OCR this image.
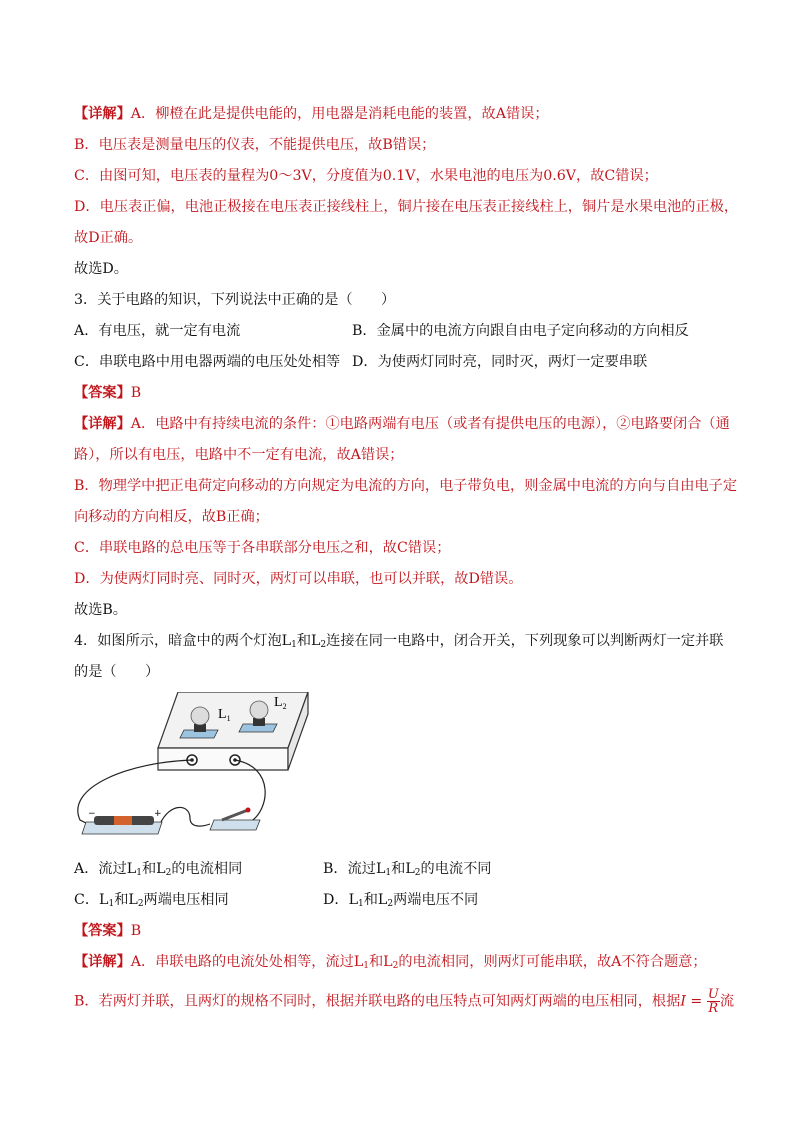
【详解】A．柳橙在此是提供电能的，用电器是消耗电能的装置，故A错误；
B．电压表是测量电压的仪表，不能提供电压，故B错误；
C．由图可知，电压表的量程为0～3V，分度值为0.1V，水果电池的电压为0.6V，故C错误；
D．电压表正偏，电池正极接在电压表正接线柱上，铜片接在电压表正接线柱上，铜片是水果电池的正极，
故D正确。
故选D。
3．关于电路的知识，下列说法中正确的是（　　）
A．有电压，就一定有电流	B．金属中的电流方向跟自由电子定向移动的方向相反
C．串联电路中用电器两端的电压处处相等 D．为使两灯同时亮，同时灭，两灯一定要串联
【答案】B
【详解】A．电路中有持续电流的条件：①电路两端有电压（或者有提供电压的电源），②电路要闭合（通
路），所以有电压，电路中不一定有电流，故A错误；
B．物理学中把正电荷定向移动的方向规定为电流的方向，电子带负电，则金属中电流的方向与自由电子定
向移动的方向相反，故B正确；
C．串联电路的总电压等于各串联部分电压之和，故C错误；
D．为使两灯同时亮、同时灭，两灯可以串联，也可以并联，故D错误。
故选B。
4．如图所示，暗盒中的两个灯泡$L_1$和$L_2$连接在同一电路中，闭合开关，下列现象可以判断两灯一定并联
的是（　　）
$L_1$
$L_2$
−	+
A．流过$L_1$和$L_2$的电流相同	B．流过$L_1$和$L_2$的电流不同
C．$L_1$和$L_2$两端电压相同	D．$L_1$和$L_2$两端电压不同
【答案】B
【详解】A．串联电路的电流处处相等，流过$L_1$和$L_2$的电流相同，则两灯可能串联，故A不符合题意；
B．若两灯并联，且两灯的规格不同时，根据并联电路的电压特点可知两灯两端的电压相同，根据$I = \frac{U}{R}$ 流
